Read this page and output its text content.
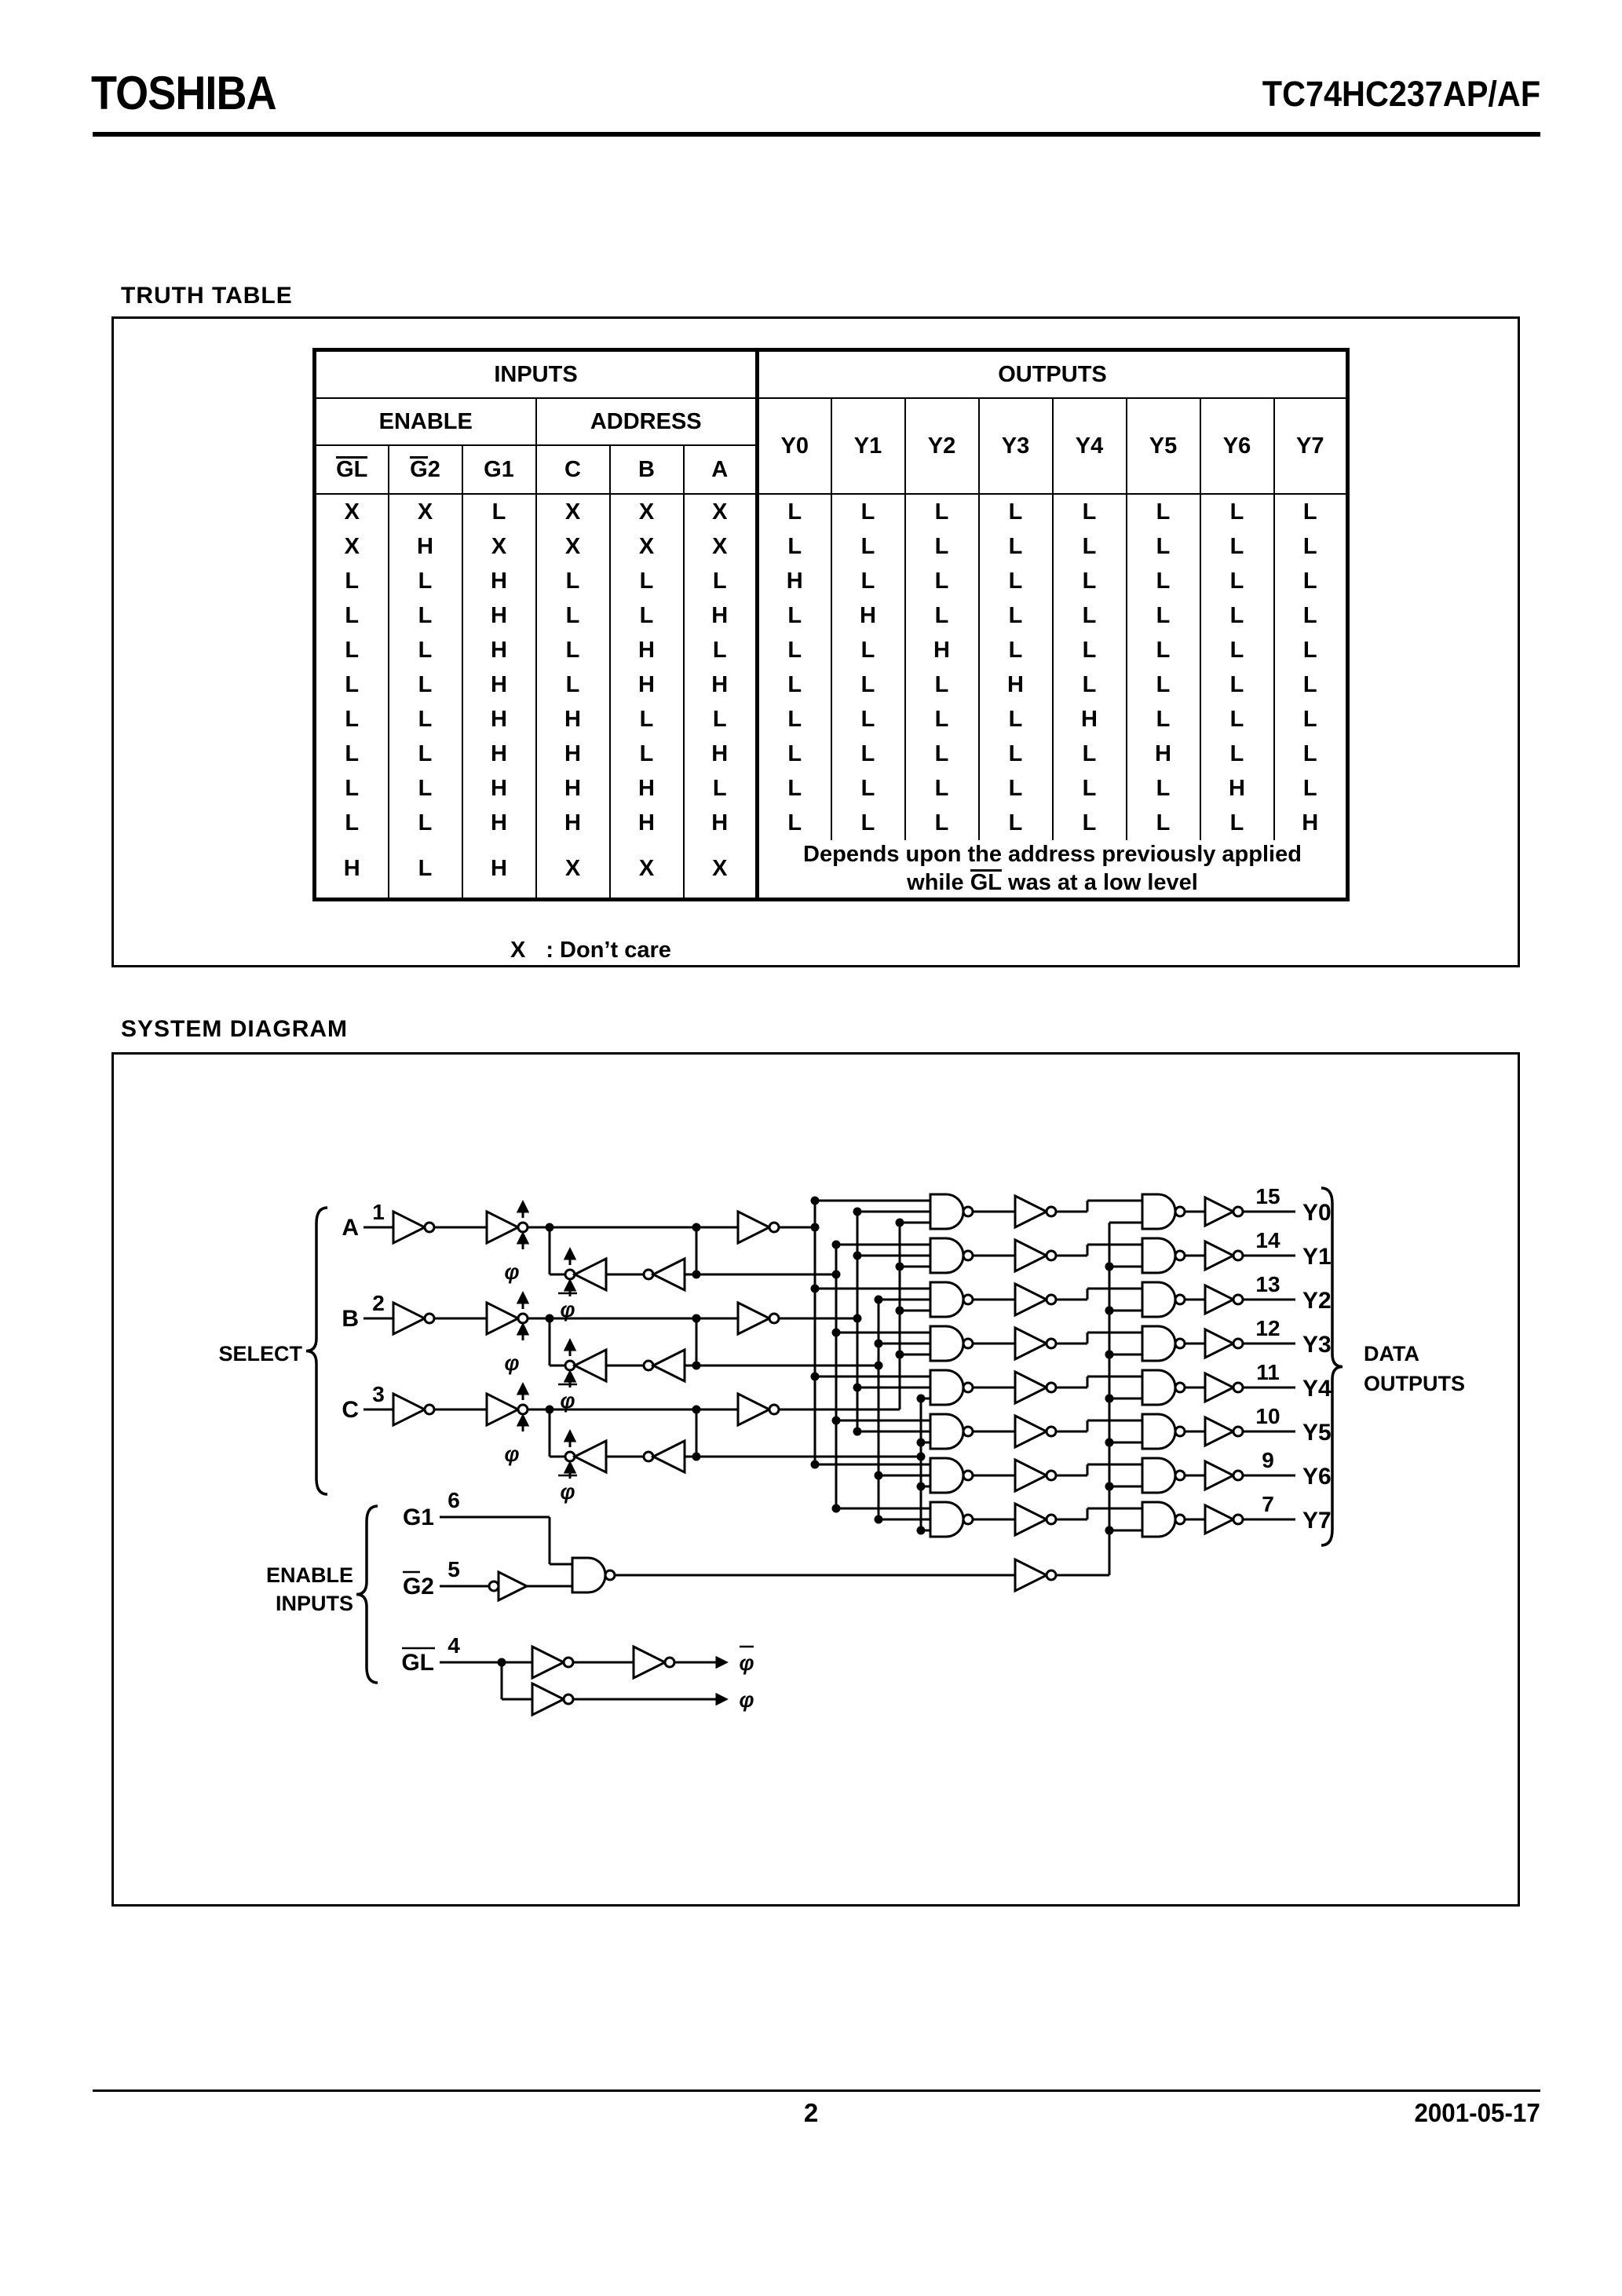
TOSHIBA	TC74HC237AP/AF
TRUTH TABLE
INPUTS						OUTPUTS							
ENABLE			ADDRESS			Y0	Y1	Y2	Y3	Y4	Y5	Y6	Y7
GL	G2	G1	C	B	A								
X	X	L	X	X	X	L	L	L	L	L	L	L	L
X	H	X	X	X	X	L	L	L	L	L	L	L	L
L	L	H	L	L	L	H	L	L	L	L	L	L	L
L	L	H	L	L	H	L	H	L	L	L	L	L	L
L	L	H	L	H	L	L	L	H	L	L	L	L	L
L	L	H	L	H	H	L	L	L	H	L	L	L	L
L	L	H	H	L	L	L	L	L	L	H	L	L	L
L	L	H	H	L	H	L	L	L	L	L	H	L	L
L	L	H	H	H	L	L	L	L	L	L	L	H	L
L	L	H	H	H	H	L	L	L	L	L	L	L	H
H	L	H	X	X	X	Depends upon the address previously applied
while GL was at a low level							
X : Don’t care
SYSTEM DIAGRAM
SELECT
ENABLE
INPUTS
DATA
OUTPUTS
A
1
φ
φ
B
2
φ
φ
C
3
φ
φ
15
Y0
14
Y1
13
Y2
12
Y3
11
Y4
10
Y5
9
Y6
7
Y7
G1
6
G2
5
GL
4
φ
φ
2	2001-05-17
